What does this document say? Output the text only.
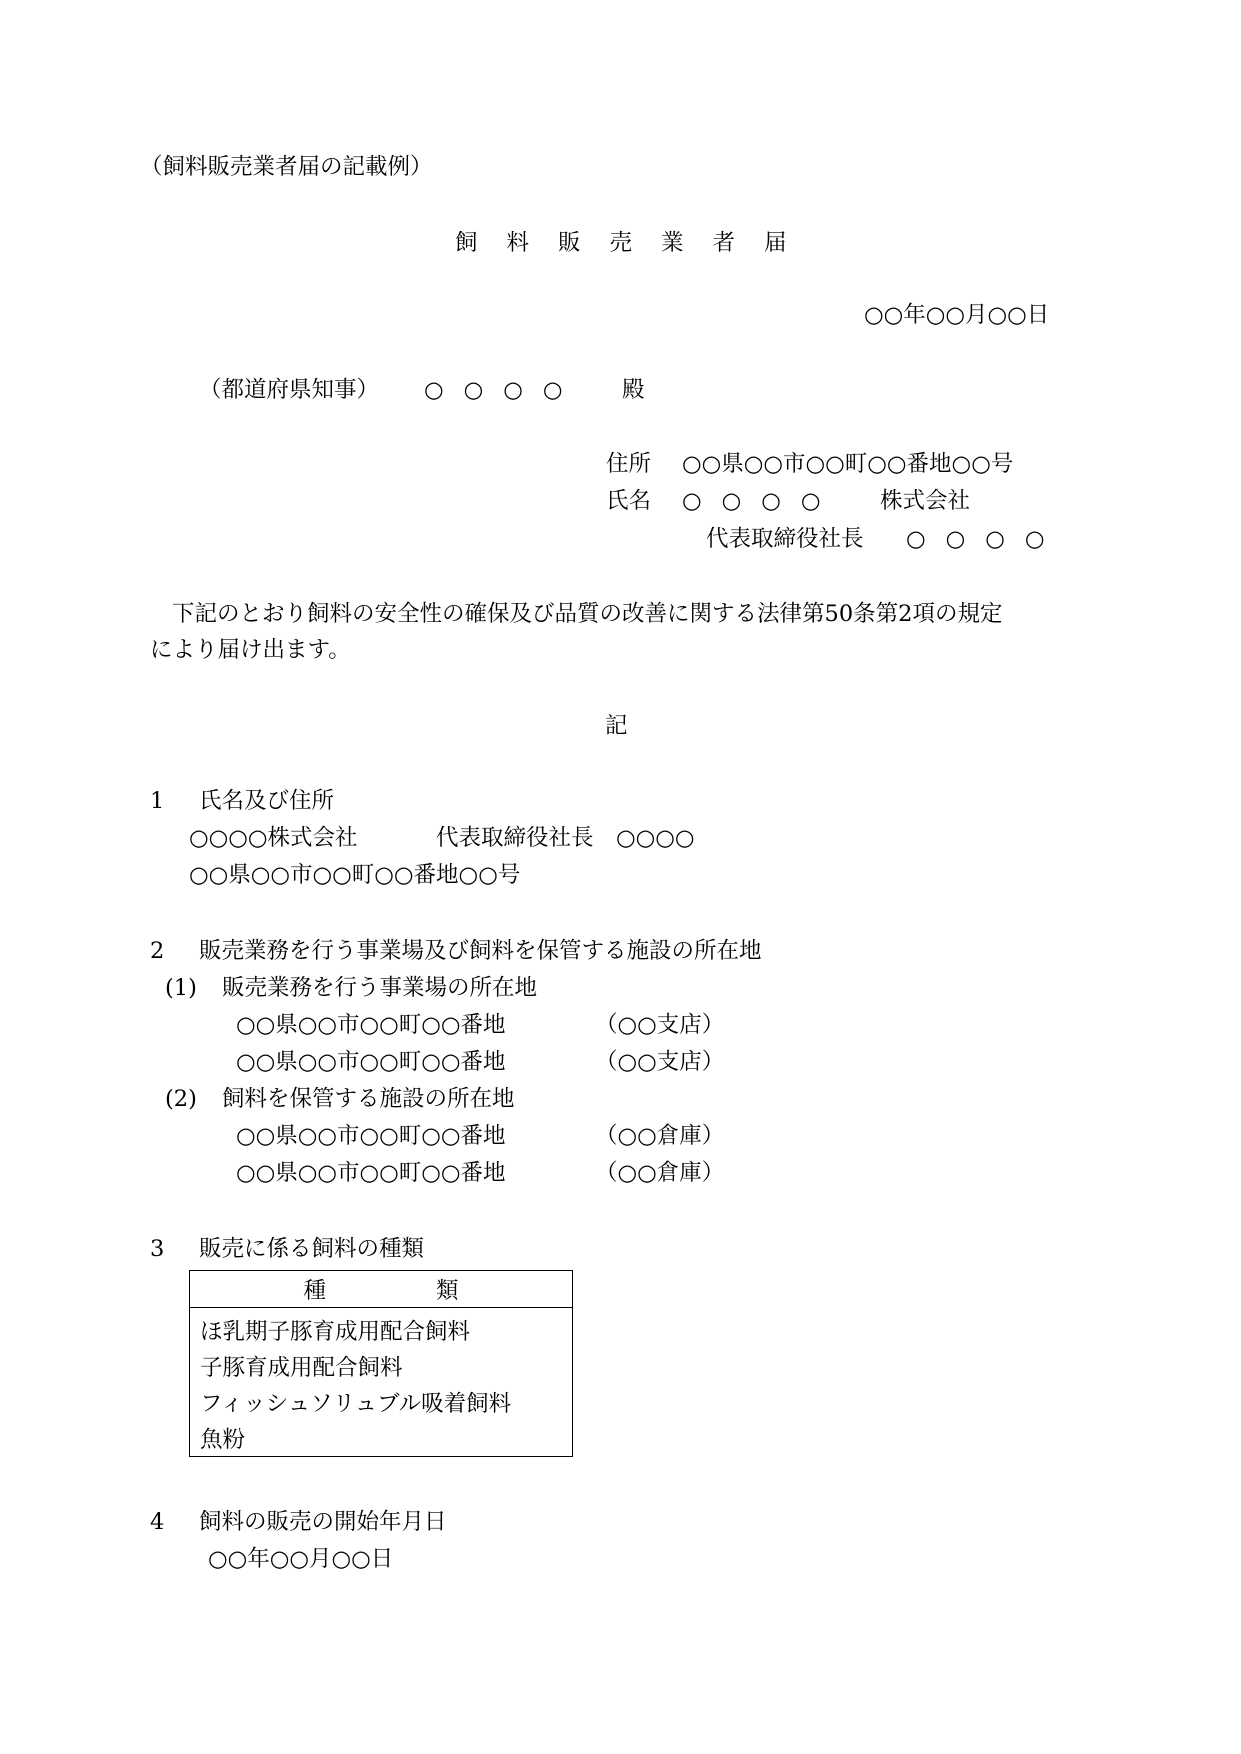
（飼料販売業者届の記載例）
飼料販売業者届
○○年○○月○○日
（都道府県知事） ○○○○ 殿
住所 ○○県○○市○○町○○番地○○号
氏名 ○○○○ 株式会社
代表取締役社長 ○○○○
下記のとおり飼料の安全性の確保及び品質の改善に関する法律第50条第2項の規定
により届け出ます。
記
1 氏名及び住所
○○○○株式会社	代表取締役社長　○○○○
○○県○○市○○町○○番地○○号
2 販売業務を行う事業場及び飼料を保管する施設の所在地
(1) 販売業務を行う事業場の所在地
○○県○○市○○町○○番地	（○○支店）
○○県○○市○○町○○番地	（○○支店）
(2) 飼料を保管する施設の所在地
○○県○○市○○町○○番地	（○○倉庫）
○○県○○市○○町○○番地	（○○倉庫）
3 販売に係る飼料の種類
種	類
ほ乳期子豚育成用配合飼料
子豚育成用配合飼料
フィッシュソリュブル吸着飼料
魚粉
4 飼料の販売の開始年月日
○○年○○月○○日
